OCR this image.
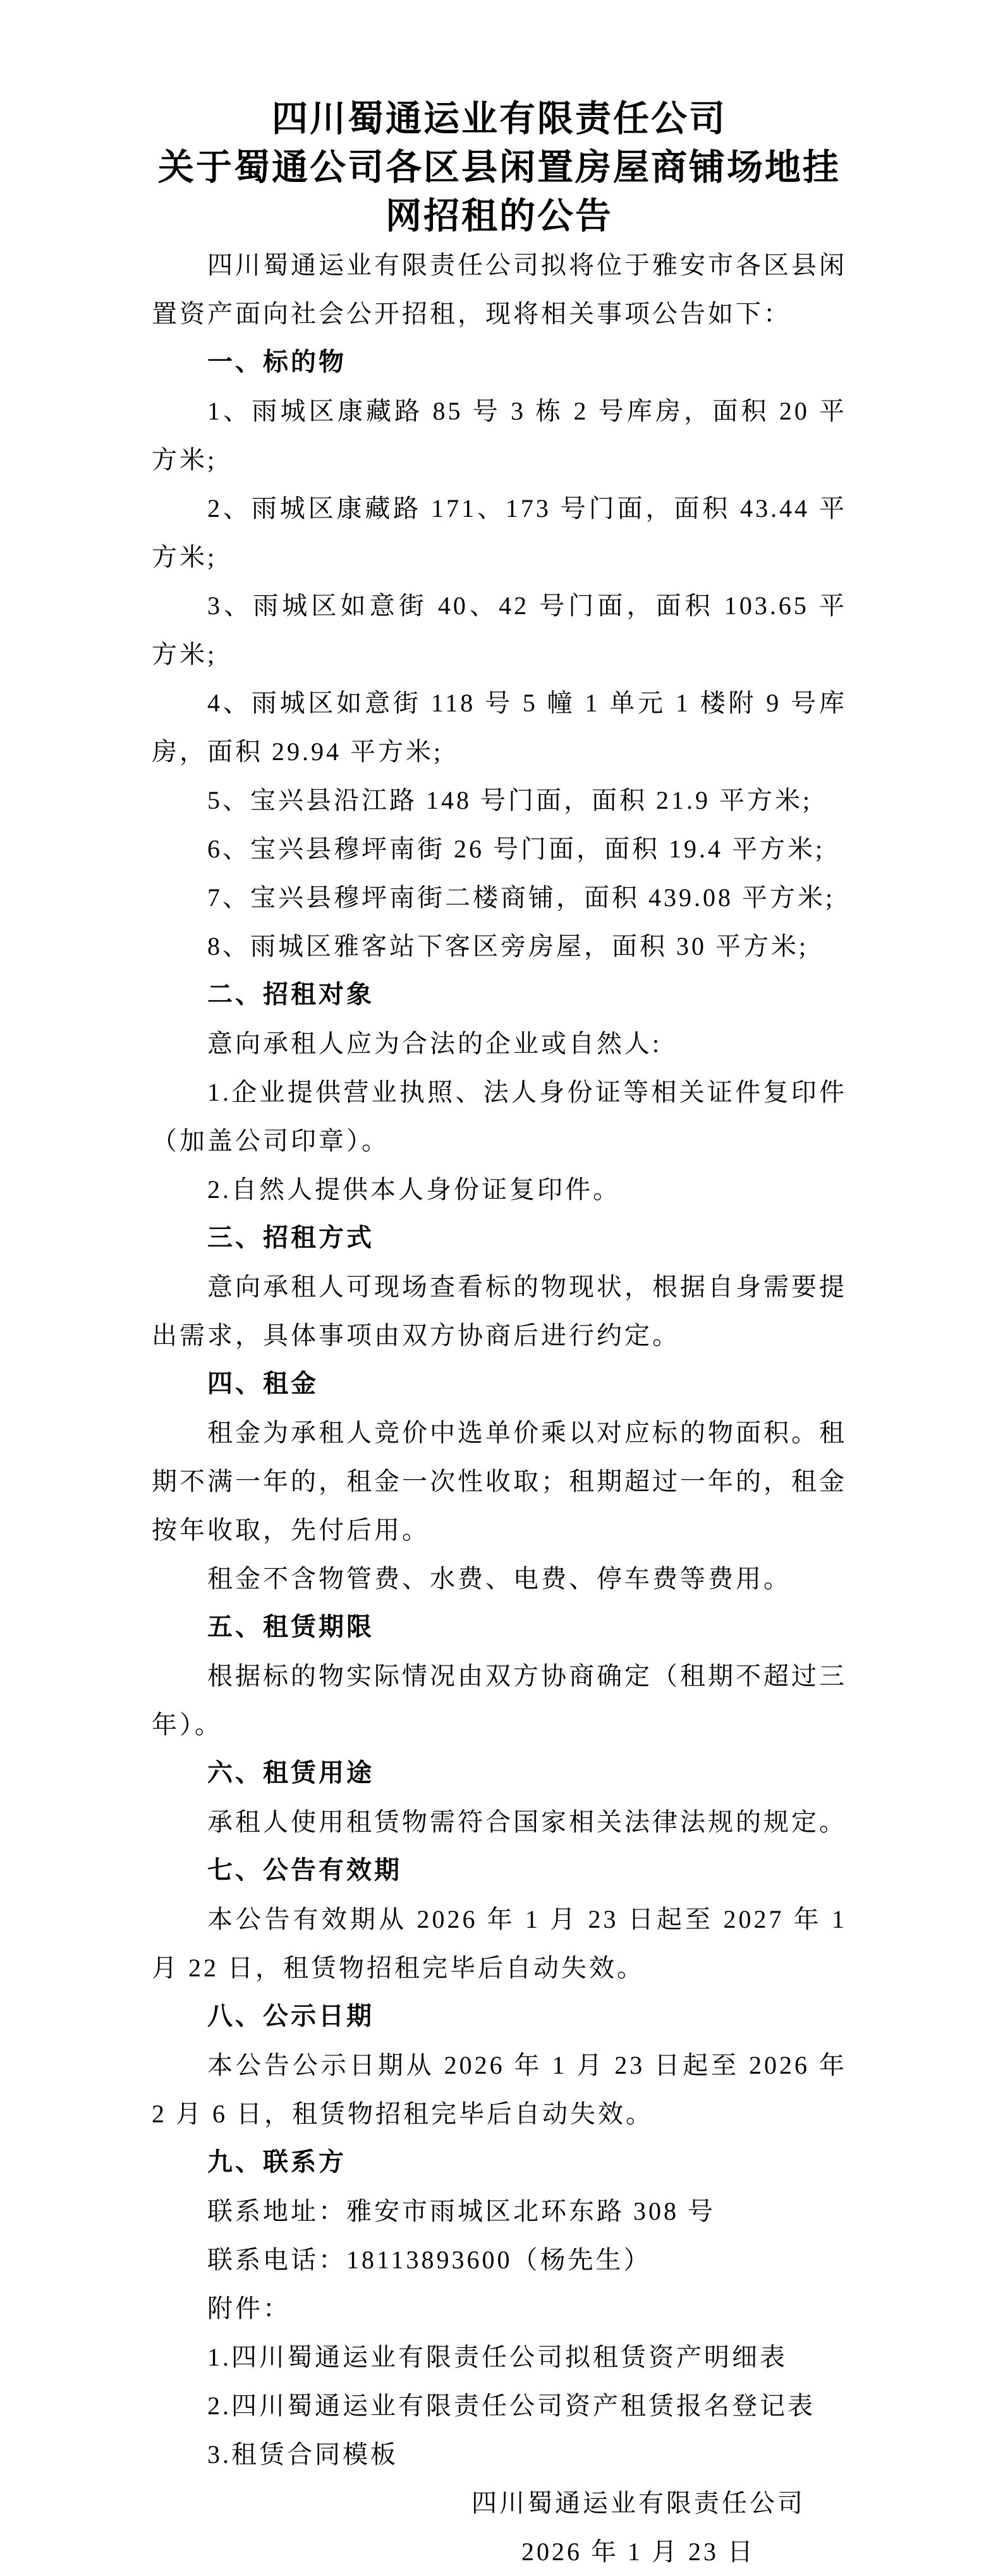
四川蜀通运业有限责任公司
关于蜀通公司各区县闲置房屋商铺场地挂
网招租的公告

四川蜀通运业有限责任公司拟将位于雅安市各区县闲置资产面向社会公开招租，现将相关事项公告如下：

一、标的物

1、雨城区康藏路 85 号 3 栋 2 号库房，面积 20 平方米;

2、雨城区康藏路 171、173 号门面，面积 43.44 平方米;

3、雨城区如意街 40、42 号门面，面积 103.65 平方米;

4、雨城区如意街 118 号 5 幢 1 单元 1 楼附 9 号库房，面积 29.94 平方米;

5、宝兴县沿江路 148 号门面，面积 21.9 平方米;

6、宝兴县穆坪南街 26 号门面，面积 19.4 平方米;

7、宝兴县穆坪南街二楼商铺，面积 439.08 平方米;

8、雨城区雅客站下客区旁房屋，面积 30 平方米;

二、招租对象

意向承租人应为合法的企业或自然人:

1.企业提供营业执照、法人身份证等相关证件复印件（加盖公司印章）。

2.自然人提供本人身份证复印件。

三、招租方式

意向承租人可现场查看标的物现状，根据自身需要提出需求，具体事项由双方协商后进行约定。

四、租金

租金为承租人竞价中选单价乘以对应标的物面积。租期不满一年的，租金一次性收取；租期超过一年的，租金按年收取，先付后用。

租金不含物管费、水费、电费、停车费等费用。

五、租赁期限

根据标的物实际情况由双方协商确定（租期不超过三年）。

六、租赁用途

承租人使用租赁物需符合国家相关法律法规的规定。

七、公告有效期

本公告有效期从 2026 年 1 月 23 日起至 2027 年 1 月 22 日，租赁物招租完毕后自动失效。

八、公示日期

本公告公示日期从 2026 年 1 月 23 日起至 2026 年 2 月 6 日，租赁物招租完毕后自动失效。

九、联系方

联系地址：雅安市雨城区北环东路 308 号

联系电话：18113893600（杨先生）

附件：

1.四川蜀通运业有限责任公司拟租赁资产明细表

2.四川蜀通运业有限责任公司资产租赁报名登记表

3.租赁合同模板

四川蜀通运业有限责任公司
2026 年 1 月 23 日
